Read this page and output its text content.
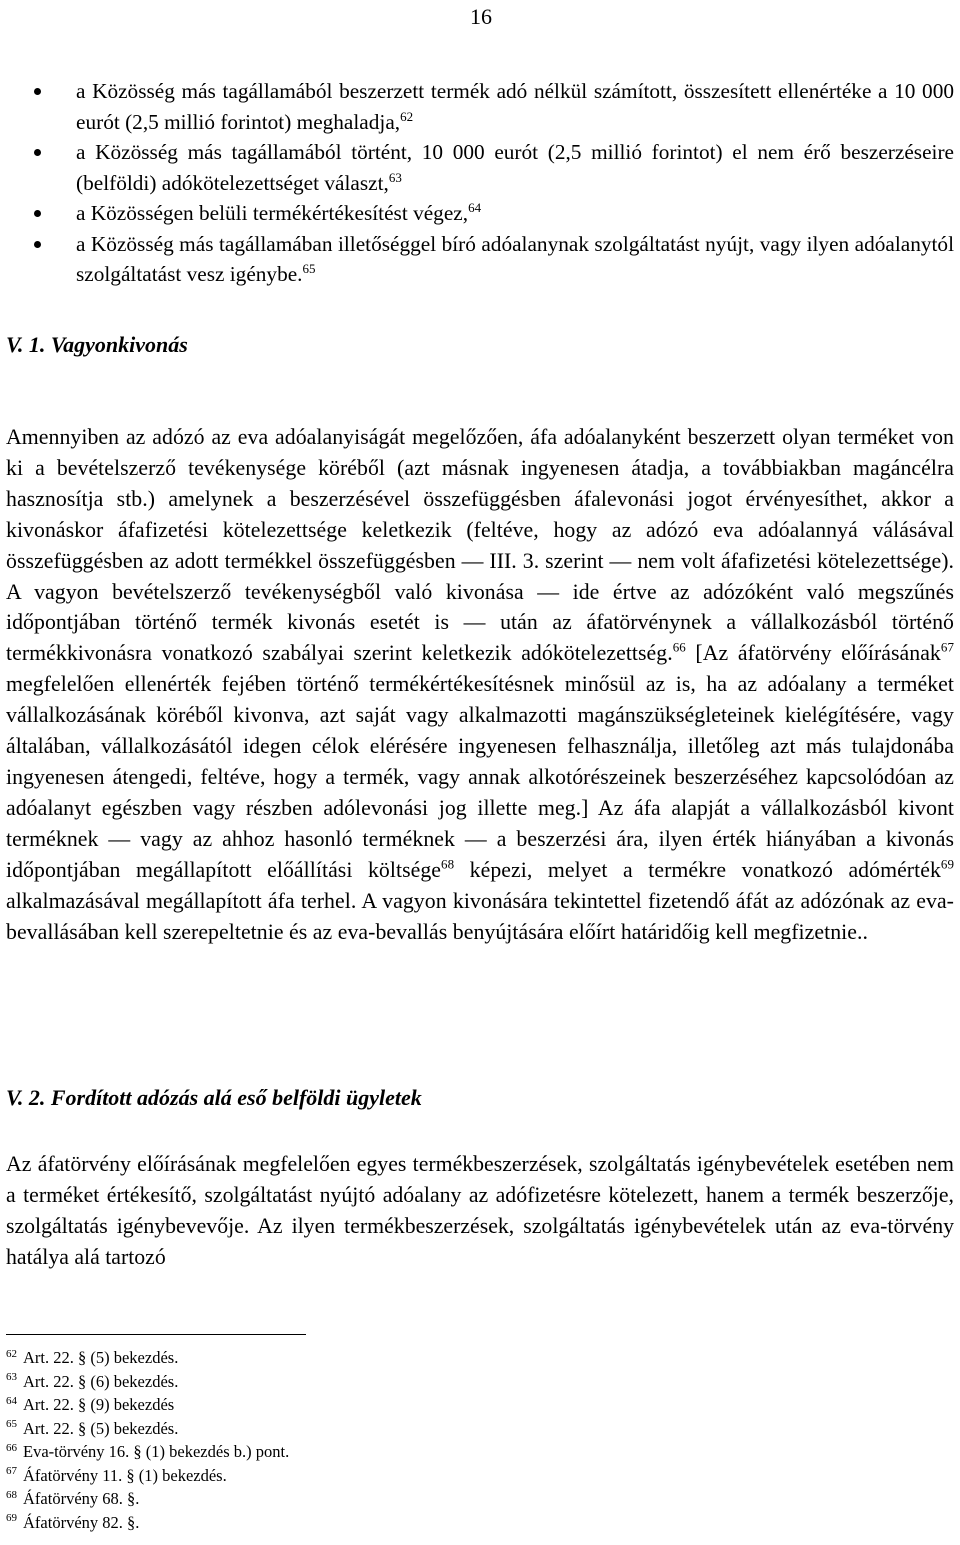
16
a Közösség más tagállamából beszerzett termék adó nélkül számított, összesített ellenértéke a 10 000 eurót (2,5 millió forintot) meghaladja,$^{62}$
a Közösség más tagállamából történt, 10 000 eurót (2,5 millió forintot) el nem érő beszerzéseire (belföldi) adókötelezettséget választ,$^{63}$
a Közösségen belüli termékértékesítést végez,$^{64}$
a Közösség más tagállamában illetőséggel bíró adóalanynak szolgáltatást nyújt, vagy ilyen adóalanytól szolgáltatást vesz igénybe.$^{65}$
V. 1. Vagyonkivonás

Amennyiben az adózó az eva adóalanyiságát megelőzően, áfa adóalanyként beszerzett olyan terméket von ki a bevételszerző tevékenysége köréből (azt másnak ingyenesen átadja, a továbbiakban magáncélra hasznosítja stb.) amelynek a beszerzésével összefüggésben áfalevonási jogot érvényesíthet, akkor a kivonáskor áfafizetési kötelezettsége keletkezik (feltéve, hogy az adózó eva adóalannyá válásával összefüggésben az adott termékkel összefüggésben — III. 3. szerint — nem volt áfafizetési kötelezettsége). A vagyon bevételszerző tevékenységből való kivonása — ide értve az adózóként való megszűnés időpontjában történő termék kivonás esetét is — után az áfatörvénynek a vállalkozásból történő termékkivonásra vonatkozó szabályai szerint keletkezik adókötelezettség.$^{66}$ [Az áfatörvény előírásának$^{67}$ megfelelően ellenérték fejében történő termékértékesítésnek minősül az is, ha az adóalany a terméket vállalkozásának köréből kivonva, azt saját vagy alkalmazotti magánszükségleteinek kielégítésére, vagy általában, vállalkozásától idegen célok elérésére ingyenesen felhasználja, illetőleg azt más tulajdonába ingyenesen átengedi, feltéve, hogy a termék, vagy annak alkotórészeinek beszerzéséhez kapcsolódóan az adóalanyt egészben vagy részben adólevonási jog illette meg.] Az áfa alapját a vállalkozásból kivont terméknek — vagy az ahhoz hasonló terméknek — a beszerzési ára, ilyen érték hiányában a kivonás időpontjában megállapított előállítási költsége$^{68}$ képezi, melyet a termékre vonatkozó adómérték$^{69}$ alkalmazásával megállapított áfa terhel. A vagyon kivonására tekintettel fizetendő áfát az adózónak az eva-bevallásában kell szerepeltetnie és az eva-bevallás benyújtására előírt határidőig kell megfizetnie..

V. 2. Fordított adózás alá eső belföldi ügyletek

Az áfatörvény előírásának megfelelően egyes termékbeszerzések, szolgáltatás igénybevételek esetében nem a terméket értékesítő, szolgáltatást nyújtó adóalany az adófizetésre kötelezett, hanem a termék beszerzője, szolgáltatás igénybevevője. Az ilyen termékbeszerzések, szolgáltatás igénybevételek után az eva-törvény hatálya alá tartozó

$^{62}$ Art. 22. § (5) bekezdés.
$^{63}$ Art. 22. § (6) bekezdés.
$^{64}$ Art. 22. § (9) bekezdés
$^{65}$ Art. 22. § (5) bekezdés.
$^{66}$ Eva-törvény 16. § (1) bekezdés b.) pont.
$^{67}$ Áfatörvény 11. § (1) bekezdés.
$^{68}$ Áfatörvény 68. §.
$^{69}$ Áfatörvény 82. §.
